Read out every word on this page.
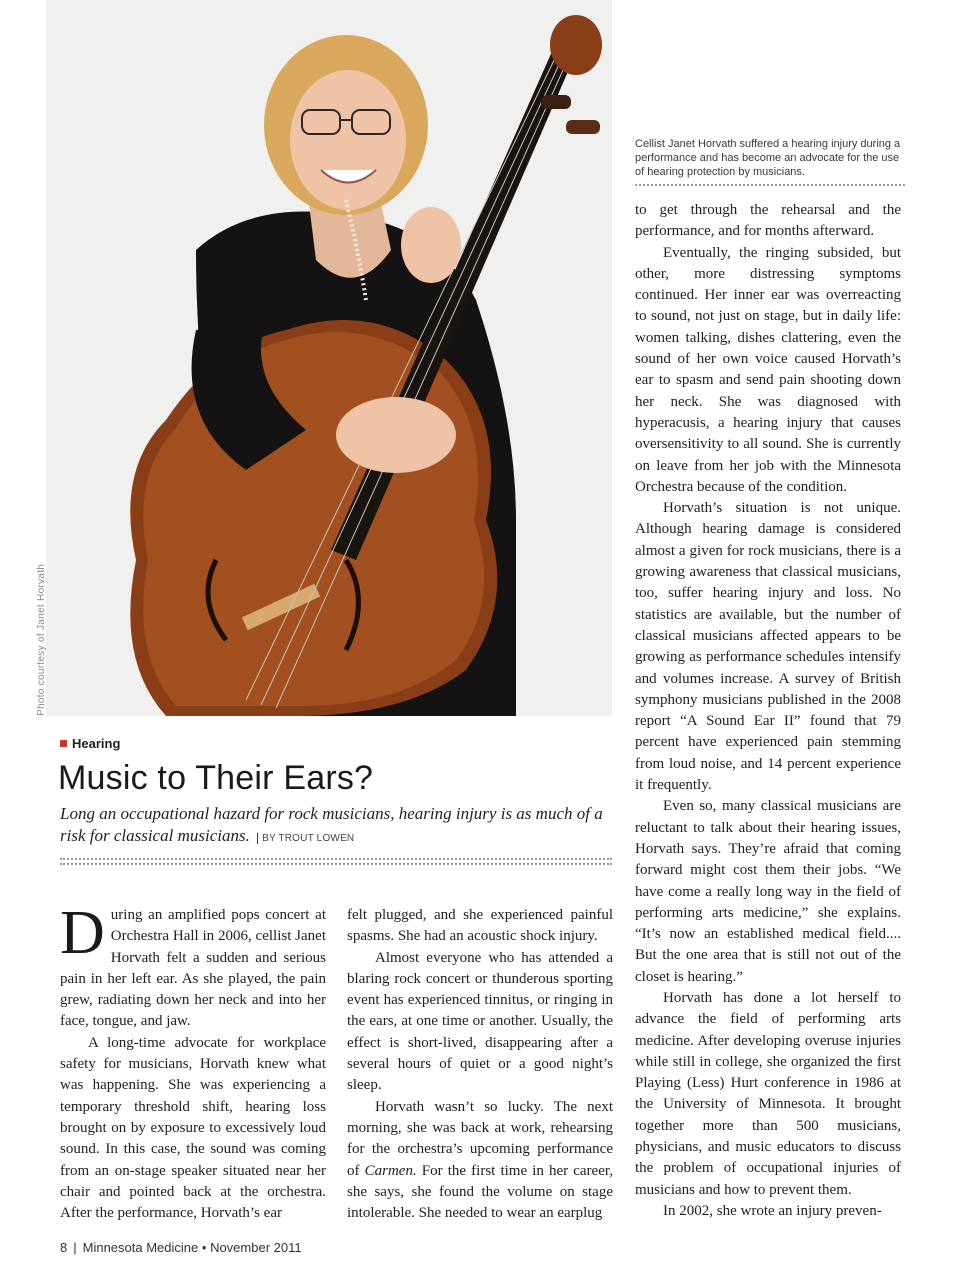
Photo courtesy of Janet Horvath
Cellist Janet Horvath suffered a hearing injury during a performance and has become an advocate for the use of hearing protection by musicians.
Hearing
Music to Their Ears?
Long an occupational hazard for rock musicians, hearing injury is as much of a risk for classical musicians. BY TROUT LOWEN

During an amplified pops concert at Orchestra Hall in 2006, cellist Janet Horvath felt a sudden and serious pain in her left ear. As she played, the pain grew, radiating down her neck and into her face, tongue, and jaw.

A long-time advocate for workplace safety for musicians, Horvath knew what was happening. She was experiencing a temporary threshold shift, hearing loss brought on by exposure to excessively loud sound. In this case, the sound was coming from an on-stage speaker situated near her chair and pointed back at the orchestra. After the performance, Horvath’s ear

felt plugged, and she experienced painful spasms. She had an acoustic shock injury.

Almost everyone who has attended a blaring rock concert or thunderous sporting event has experienced tinnitus, or ringing in the ears, at one time or another. Usually, the effect is short-lived, disappearing after a several hours of quiet or a good night’s sleep.

Horvath wasn’t so lucky. The next morning, she was back at work, rehearsing for the orchestra’s upcoming performance of Carmen. For the first time in her career, she says, she found the volume on stage intolerable. She needed to wear an earplug

to get through the rehearsal and the performance, and for months afterward.

Eventually, the ringing subsided, but other, more distressing symptoms continued. Her inner ear was overreacting to sound, not just on stage, but in daily life: women talking, dishes clattering, even the sound of her own voice caused Horvath’s ear to spasm and send pain shooting down her neck. She was diagnosed with hyperacusis, a hearing injury that causes oversensitivity to all sound. She is currently on leave from her job with the Minnesota Orchestra because of the condition.

Horvath’s situation is not unique. Although hearing damage is considered almost a given for rock musicians, there is a growing awareness that classical musicians, too, suffer hearing injury and loss. No statistics are available, but the number of classical musicians affected appears to be growing as performance schedules intensify and volumes increase. A survey of British symphony musicians published in the 2008 report “A Sound Ear II” found that 79 percent have experienced pain stemming from loud noise, and 14 percent experience it frequently.

Even so, many classical musicians are reluctant to talk about their hearing issues, Horvath says. They’re afraid that coming forward might cost them their jobs. “We have come a really long way in the field of performing arts medicine,” she explains. “It’s now an established medical field.... But the one area that is still not out of the closet is hearing.”

Horvath has done a lot herself to advance the field of performing arts medicine. After developing overuse injuries while still in college, she organized the first Playing (Less) Hurt conference in 1986 at the University of Minnesota. It brought together more than 500 musicians, physicians, and music educators to discuss the problem of occupational injuries of musicians and how to prevent them.

In 2002, she wrote an injury preven-

8 | Minnesota Medicine • November 2011
